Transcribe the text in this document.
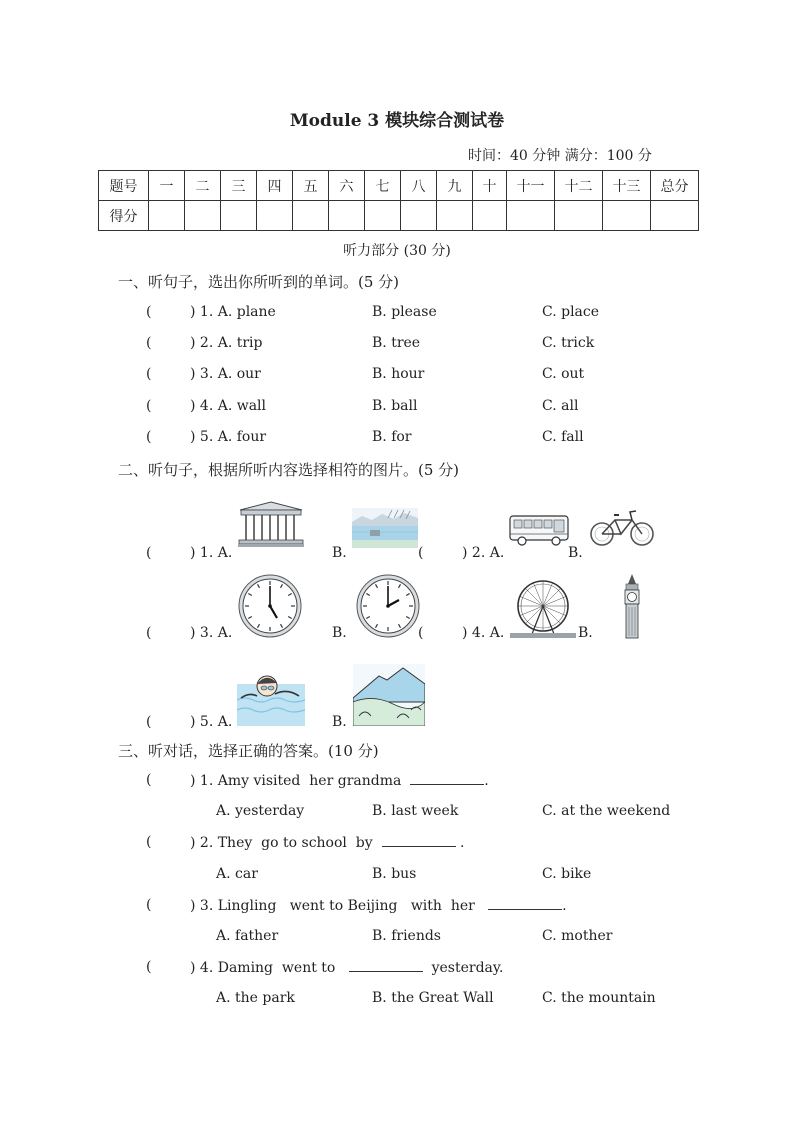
Module 3 模块综合测试卷
时间：40 分钟 满分：100 分
题号	一	二	三	四	五	六	七	八	九	十	十一	十二	十三	总分
得分														
听力部分 (30 分)
一、听句子，选出你所听到的单词。(5 分)
(	) 1. A. plane	B. please	C. place
(	) 2. A. trip	B. tree	C. trick
(	) 3. A. our	B. hour	C. out
(	) 4. A. wall	B. ball	C. all
(	) 5. A. four	B. for	C. fall
二、听句子，根据所听内容选择相符的图片。(5 分)
(	) 1. A.	B.	(	) 2. A.	B.
(	) 3. A.	B.	(	) 4. A.	B.
(	) 5. A.	B.
三、听对话，选择正确的答案。(10 分)
(	) 1. Amy visited  her grandma	.
A. yesterday	B. last week	C. at the weekend
(	) 2. They  go to school  by	.
A. car	B. bus	C. bike
(	) 3. Lingling   went to Beijing   with  her	.
A. father	B. friends	C. mother
(	) 4. Daming  went to	yesterday.
A. the park	B. the Great Wall	C. the mountain
